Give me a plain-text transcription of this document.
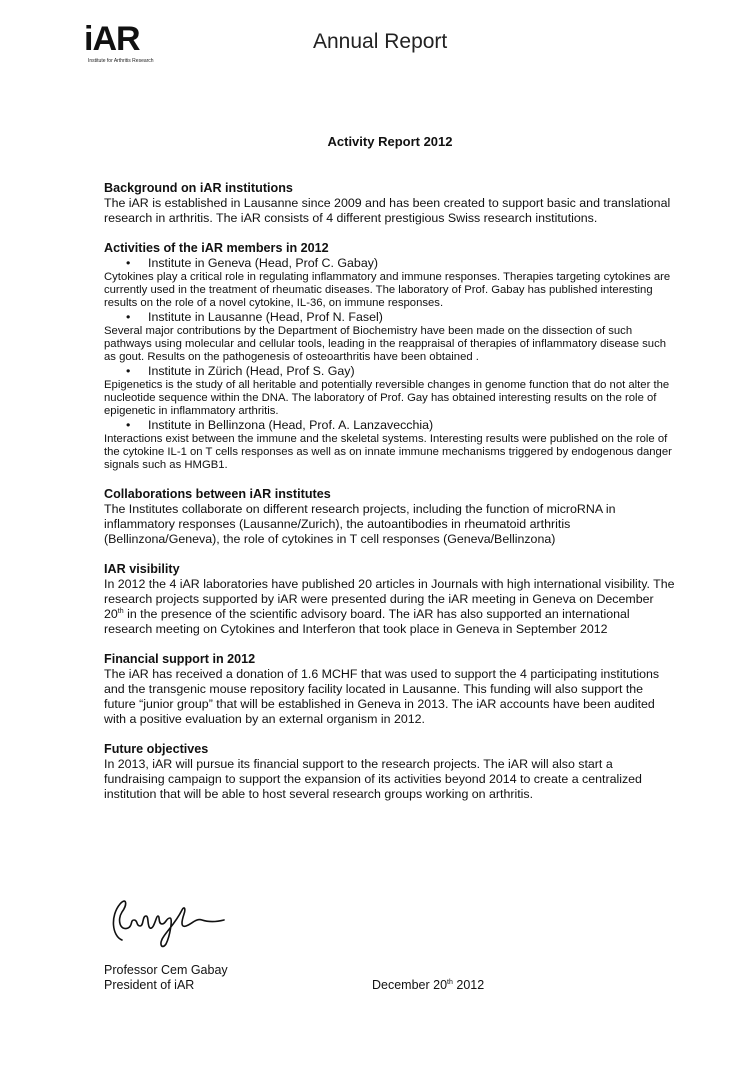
iAR
Institute for Arthritis Research
Annual Report
Activity Report 2012
Background on iAR institutions

The iAR is established in Lausanne since 2009 and has been created to support basic and translational research in arthritis. The iAR consists of 4 different prestigious Swiss research institutions.

Activities of the iAR members in 2012
•	Institute in Geneva (Head, Prof C. Gabay)

Cytokines play a critical role in regulating inflammatory and immune responses. Therapies targeting cytokines are currently used in the treatment of rheumatic diseases. The laboratory of Prof. Gabay has published interesting results on the role of a novel cytokine, IL-36, on immune responses.

•	Institute in Lausanne (Head, Prof N. Fasel)

Several major contributions by the Department of Biochemistry have been made on the dissection of such pathways using molecular and cellular tools, leading in the reappraisal of therapies of inflammatory disease such as gout. Results on the pathogenesis of osteoarthritis have been obtained .

•	Institute in Zürich (Head, Prof S. Gay)

Epigenetics is the study of all heritable and potentially reversible changes in genome function that do not alter the nucleotide sequence within the DNA. The laboratory of Prof. Gay has obtained interesting results on the role of epigenetic in inflammatory arthritis.

•	Institute in Bellinzona (Head, Prof. A. Lanzavecchia)

Interactions exist between the immune and the skeletal systems. Interesting results were published on the role of the cytokine IL-1 on T cells responses as well as on innate immune mechanisms triggered by endogenous danger signals such as HMGB1.

Collaborations between iAR institutes

The Institutes collaborate on different research projects, including the function of microRNA in inflammatory responses (Lausanne/Zurich), the autoantibodies in rheumatoid arthritis (Bellinzona/Geneva), the role of cytokines in T cell responses (Geneva/Bellinzona)

IAR visibility

In 2012 the 4 iAR laboratories have published 20 articles in Journals with high international visibility. The research projects supported by iAR were presented during the iAR meeting in Geneva on December 20th in the presence of the scientific advisory board. The iAR has also supported an international research meeting on Cytokines and Interferon that took place in Geneva in September 2012

Financial support in 2012

The iAR has received a donation of 1.6 MCHF that was used to support the 4 participating institutions and the transgenic mouse repository facility located in Lausanne. This funding will also support the future “junior group” that will be established in Geneva in 2013. The iAR accounts have been audited with a positive evaluation by an external organism in 2012.

Future objectives

In 2013, iAR will pursue its financial support to the research projects. The iAR will also start a fundraising campaign to support the expansion of its activities beyond 2014 to create a centralized institution that will be able to host several research groups working on arthritis.

Professor Cem Gabay
President of iAR	December 20th 2012
